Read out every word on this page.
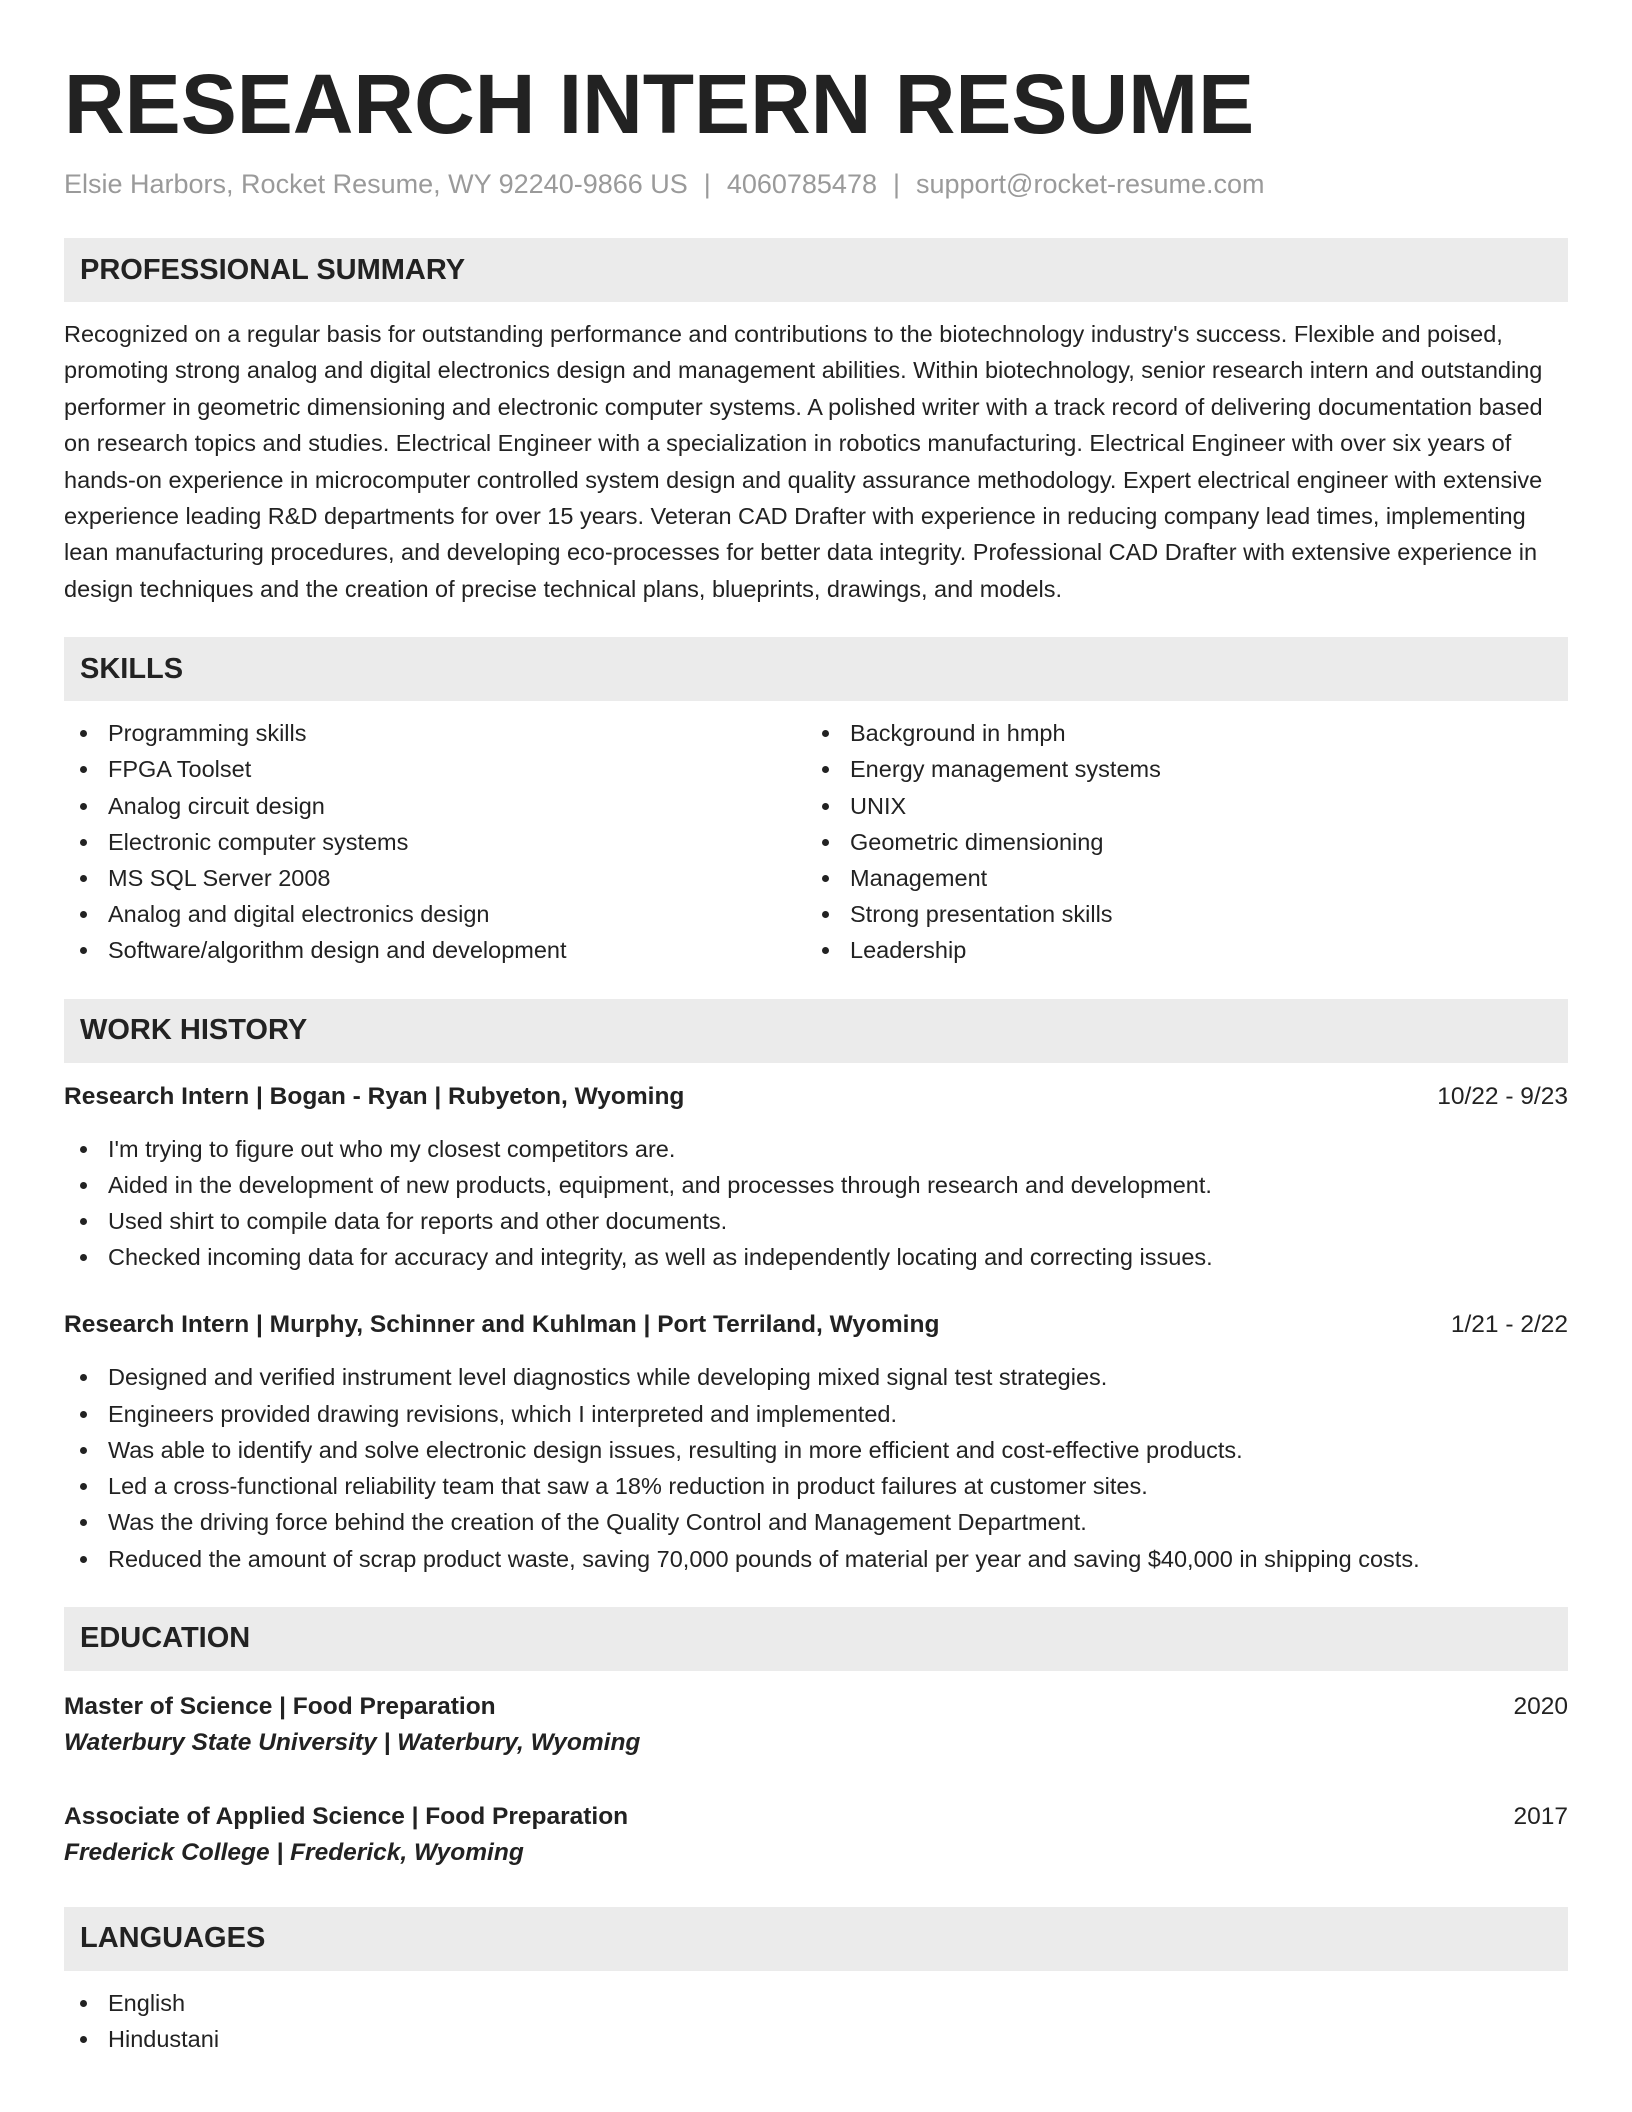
RESEARCH INTERN RESUME
Elsie Harbors, Rocket Resume, WY 92240-9866 US | 4060785478 | support@rocket-resume.com
PROFESSIONAL SUMMARY

Recognized on a regular basis for outstanding performance and contributions to the biotechnology industry's success. Flexible and poised, promoting strong analog and digital electronics design and management abilities. Within biotechnology, senior research intern and outstanding performer in geometric dimensioning and electronic computer systems. A polished writer with a track record of delivering documentation based on research topics and studies. Electrical Engineer with a specialization in robotics manufacturing. Electrical Engineer with over six years of hands-on experience in microcomputer controlled system design and quality assurance methodology. Expert electrical engineer with extensive experience leading R&D departments for over 15 years. Veteran CAD Drafter with experience in reducing company lead times, implementing lean manufacturing procedures, and developing eco-processes for better data integrity. Professional CAD Drafter with extensive experience in design techniques and the creation of precise technical plans, blueprints, drawings, and models.

SKILLS
Programming skills
FPGA Toolset
Analog circuit design
Electronic computer systems
MS SQL Server 2008
Analog and digital electronics design
Software/algorithm design and development
Background in hmph
Energy management systems
UNIX
Geometric dimensioning
Management
Strong presentation skills
Leadership
WORK HISTORY
Research Intern | Bogan - Ryan | Rubyeton, Wyoming	10/22 - 9/23
I'm trying to figure out who my closest competitors are.
Aided in the development of new products, equipment, and processes through research and development.
Used shirt to compile data for reports and other documents.
Checked incoming data for accuracy and integrity, as well as independently locating and correcting issues.
Research Intern | Murphy, Schinner and Kuhlman | Port Terriland, Wyoming	1/21 - 2/22
Designed and verified instrument level diagnostics while developing mixed signal test strategies.
Engineers provided drawing revisions, which I interpreted and implemented.
Was able to identify and solve electronic design issues, resulting in more efficient and cost-effective products.
Led a cross-functional reliability team that saw a 18% reduction in product failures at customer sites.
Was the driving force behind the creation of the Quality Control and Management Department.
Reduced the amount of scrap product waste, saving 70,000 pounds of material per year and saving $40,000 in shipping costs.
EDUCATION
Master of Science | Food Preparation	2020
Waterbury State University | Waterbury, Wyoming
Associate of Applied Science | Food Preparation	2017
Frederick College | Frederick, Wyoming
LANGUAGES
English
Hindustani
